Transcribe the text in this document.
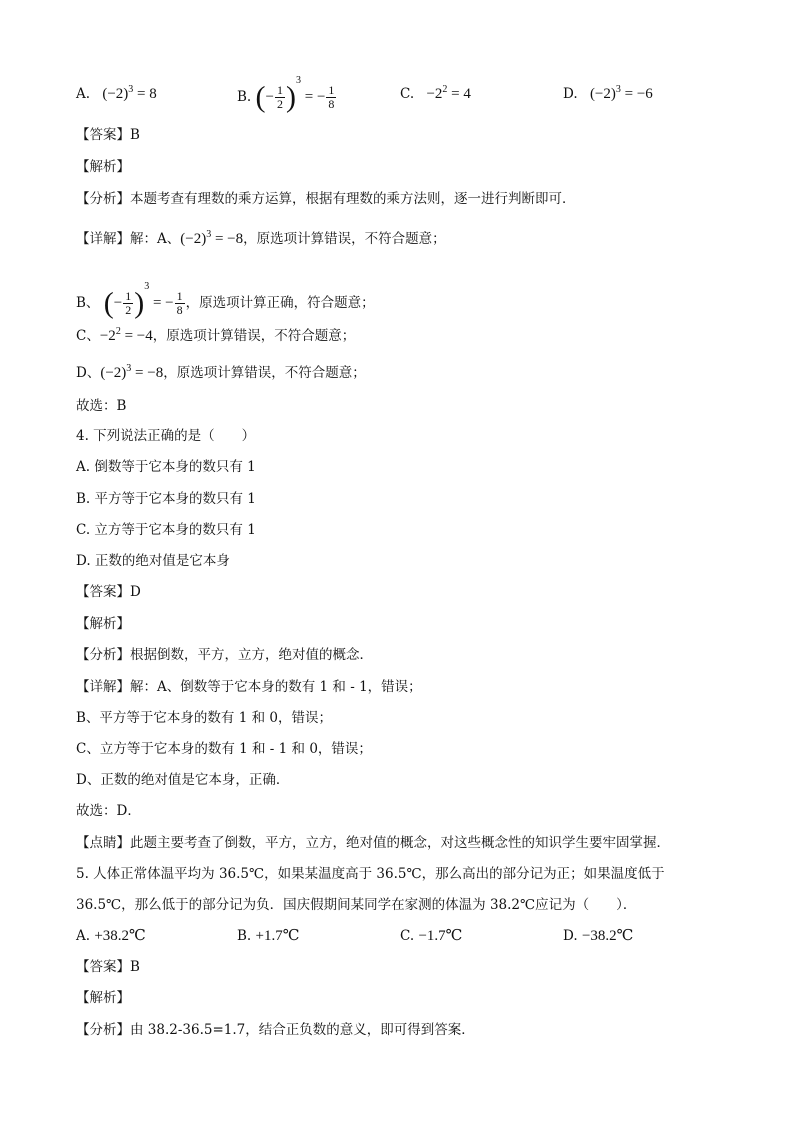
A. $(-2)^3 = 8$	B. (− $\frac{1}{2} )^3$ = − $\frac{1}{8}$	C. $-2^2 = 4$	D. $(-2)^3 = -6$
【答案】B
【解析】
【分析】本题考查有理数的乘方运算，根据有理数的乘方法则，逐一进行判断即可．
【详解】解：A、$(-2)^3 = -8$，原选项计算错误，不符合题意；
B、 (− $\frac{1}{2} )^3$ = − $\frac{1}{8}$ ，原选项计算正确，符合题意；
C、$-2^2 = -4$，原选项计算错误，不符合题意；
D、$(-2)^3 = -8$，原选项计算错误，不符合题意；
故选：B
4. 下列说法正确的是（　　）
A. 倒数等于它本身的数只有 1
B. 平方等于它本身的数只有 1
C. 立方等于它本身的数只有 1
D. 正数的绝对值是它本身
【答案】D
【解析】
【分析】根据倒数，平方，立方，绝对值的概念．
【详解】解：A、倒数等于它本身的数有 1 和 - 1，错误；
B、平方等于它本身的数有 1 和 0，错误；
C、立方等于它本身的数有 1 和 - 1 和 0，错误；
D、正数的绝对值是它本身，正确．
故选：D．
【点睛】此题主要考查了倒数，平方，立方，绝对值的概念，对这些概念性的知识学生要牢固掌握．
5. 人体正常体温平均为 36.5℃，如果某温度高于 36.5℃，那么高出的部分记为正；如果温度低于
36.5℃，那么低于的部分记为负．国庆假期间某同学在家测的体温为 38.2℃应记为（　　）．
A. +38.2℃	B. +1.7℃	C. −1.7℃	D. −38.2℃
【答案】B
【解析】
【分析】由 38.2-36.5=1.7，结合正负数的意义，即可得到答案．
